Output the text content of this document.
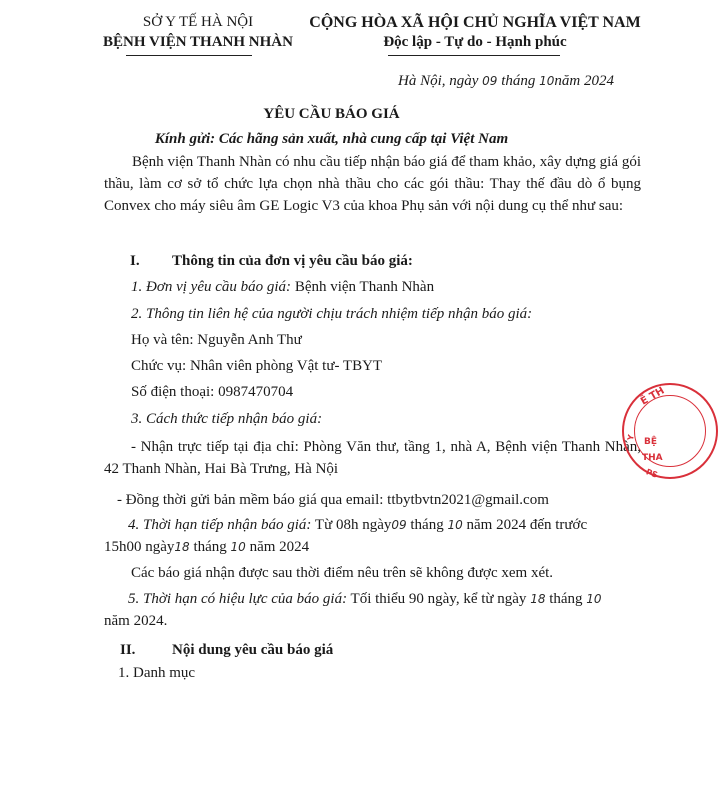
SỞ Y TẾ HÀ NỘI
BỆNH VIỆN THANH NHÀN
CỘNG HÒA XÃ HỘI CHỦ NGHĨA VIỆT NAM
Độc lập - Tự do - Hạnh phúc
Hà Nội, ngày 09 tháng 10năm 2024
YÊU CẦU BÁO GIÁ
Kính gửi: Các hãng sản xuất, nhà cung cấp tại Việt Nam
Bệnh viện Thanh Nhàn có nhu cầu tiếp nhận báo giá để tham khảo, xây dựng giá gói thầu, làm cơ sở tổ chức lựa chọn nhà thầu cho các gói thầu: Thay thế đầu dò ổ bụng Convex cho máy siêu âm GE Logic V3 của khoa Phụ sản với nội dung cụ thể như sau:
I. Thông tin của đơn vị yêu cầu báo giá:
1. Đơn vị yêu cầu báo giá: Bệnh viện Thanh Nhàn
2. Thông tin liên hệ của người chịu trách nhiệm tiếp nhận báo giá:
Họ và tên: Nguyễn Anh Thư
Chức vụ: Nhân viên phòng Vật tư- TBYT
Số điện thoại: 0987470704
3. Cách thức tiếp nhận báo giá:
- Nhận trực tiếp tại địa chỉ: Phòng Văn thư, tầng 1, nhà A, Bệnh viện Thanh Nhàn, 42 Thanh Nhàn, Hai Bà Trưng, Hà Nội
- Đồng thời gửi bản mềm báo giá qua email: ttbytbvtn2021@gmail.com
4. Thời hạn tiếp nhận báo giá: Từ 08h ngày09 tháng 10 năm 2024 đến trước
15h00 ngày18 tháng 10 năm 2024
Các báo giá nhận được sau thời điểm nêu trên sẽ không được xem xét.
5. Thời hạn có hiệu lực của báo giá: Tối thiểu 90 ngày, kể từ ngày 18 tháng 10
năm 2024.
II. Nội dung yêu cầu báo giá
1. Danh mục
Ế TH
BỆ
THA
Y
PS
